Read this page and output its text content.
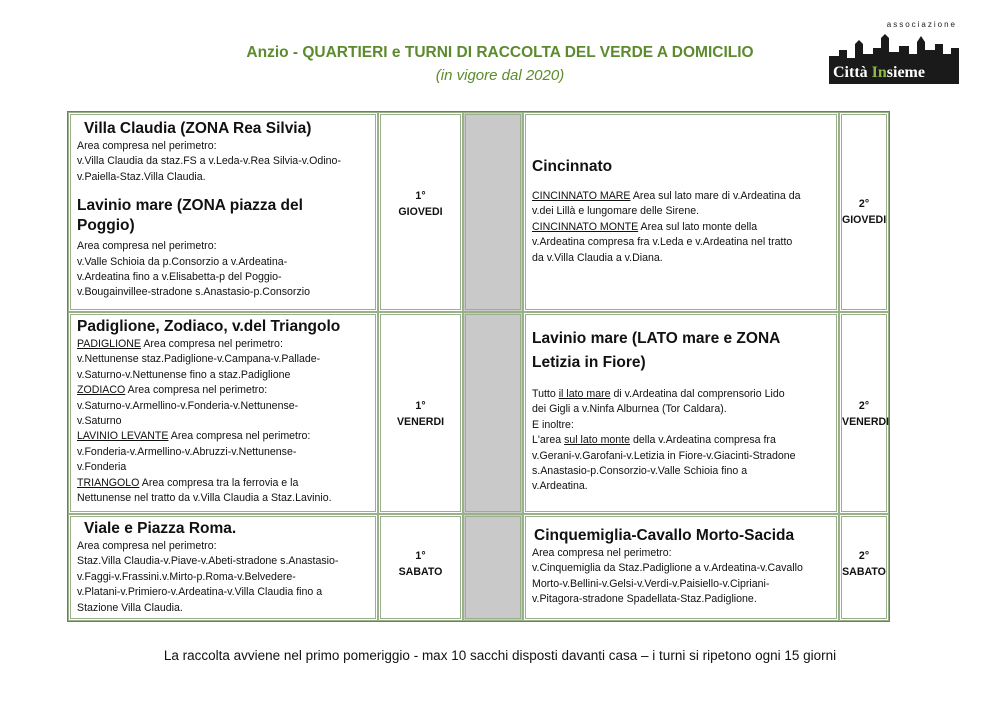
Anzio - QUARTIERI e TURNI DI RACCOLTA DEL VERDE A DOMICILIO
(in vigore dal 2020)
associazione
Città Insieme
Villa Claudia (ZONA Rea Silvia)
Area compresa nel perimetro:
v.Villa Claudia da staz.FS a v.Leda-v.Rea Silvia-v.Odino-
v.Paiella-Staz.Villa Claudia.
Lavinio mare (ZONA piazza del
Poggio)
Area compresa nel perimetro:
v.Valle Schioia da p.Consorzio a v.Ardeatina-
v.Ardeatina fino a v.Elisabetta-p del Poggio-
v.Bougainvillee-stradone s.Anastasio-p.Consorzio
1°
GIOVEDI
Cincinnato
CINCINNATO MARE Area sul lato mare di v.Ardeatina da
v.dei Lillà e lungomare delle Sirene.
CINCINNATO MONTE Area sul lato monte della
v.Ardeatina compresa fra v.Leda e v.Ardeatina nel tratto
da v.Villa Claudia a v.Diana.
2°
GIOVEDI
Padiglione, Zodiaco, v.del Triangolo
PADIGLIONE Area compresa nel perimetro:
v.Nettunense staz.Padiglione-v.Campana-v.Pallade-
v.Saturno-v.Nettunense fino a staz.Padiglione
ZODIACO Area compresa nel perimetro:
v.Saturno-v.Armellino-v.Fonderia-v.Nettunense-
v.Saturno
LAVINIO LEVANTE Area compresa nel perimetro:
v.Fonderia-v.Armellino-v.Abruzzi-v.Nettunense-
v.Fonderia
TRIANGOLO Area compresa tra la ferrovia e la
Nettunense nel tratto da v.Villa Claudia a Staz.Lavinio.
1°
VENERDI
Lavinio mare (LATO mare e ZONA
Letizia in Fiore)
Tutto il lato mare di v.Ardeatina dal comprensorio Lido
dei Gigli a v.Ninfa Alburnea (Tor Caldara).
E inoltre:
L'area sul lato monte della v.Ardeatina compresa fra
v.Gerani-v.Garofani-v.Letizia in Fiore-v.Giacinti-Stradone
s.Anastasio-p.Consorzio-v.Valle Schioia fino a
v.Ardeatina.
2°
VENERDI
Viale e Piazza Roma.
Area compresa nel perimetro:
Staz.Villa Claudia-v.Piave-v.Abeti-stradone s.Anastasio-
v.Faggi-v.Frassini.v.Mirto-p.Roma-v.Belvedere-
v.Platani-v.Primiero-v.Ardeatina-v.Villa Claudia fino a
Stazione Villa Claudia.
1°
SABATO
Cinquemiglia-Cavallo Morto-Sacida
Area compresa nel perimetro:
v.Cinquemiglia da Staz.Padiglione a v.Ardeatina-v.Cavallo
Morto-v.Bellini-v.Gelsi-v.Verdi-v.Paisiello-v.Cipriani-
v.Pitagora-stradone Spadellata-Staz.Padiglione.
2°
SABATO
La raccolta avviene nel primo pomeriggio - max 10 sacchi disposti davanti casa – i turni si ripetono ogni 15 giorni
